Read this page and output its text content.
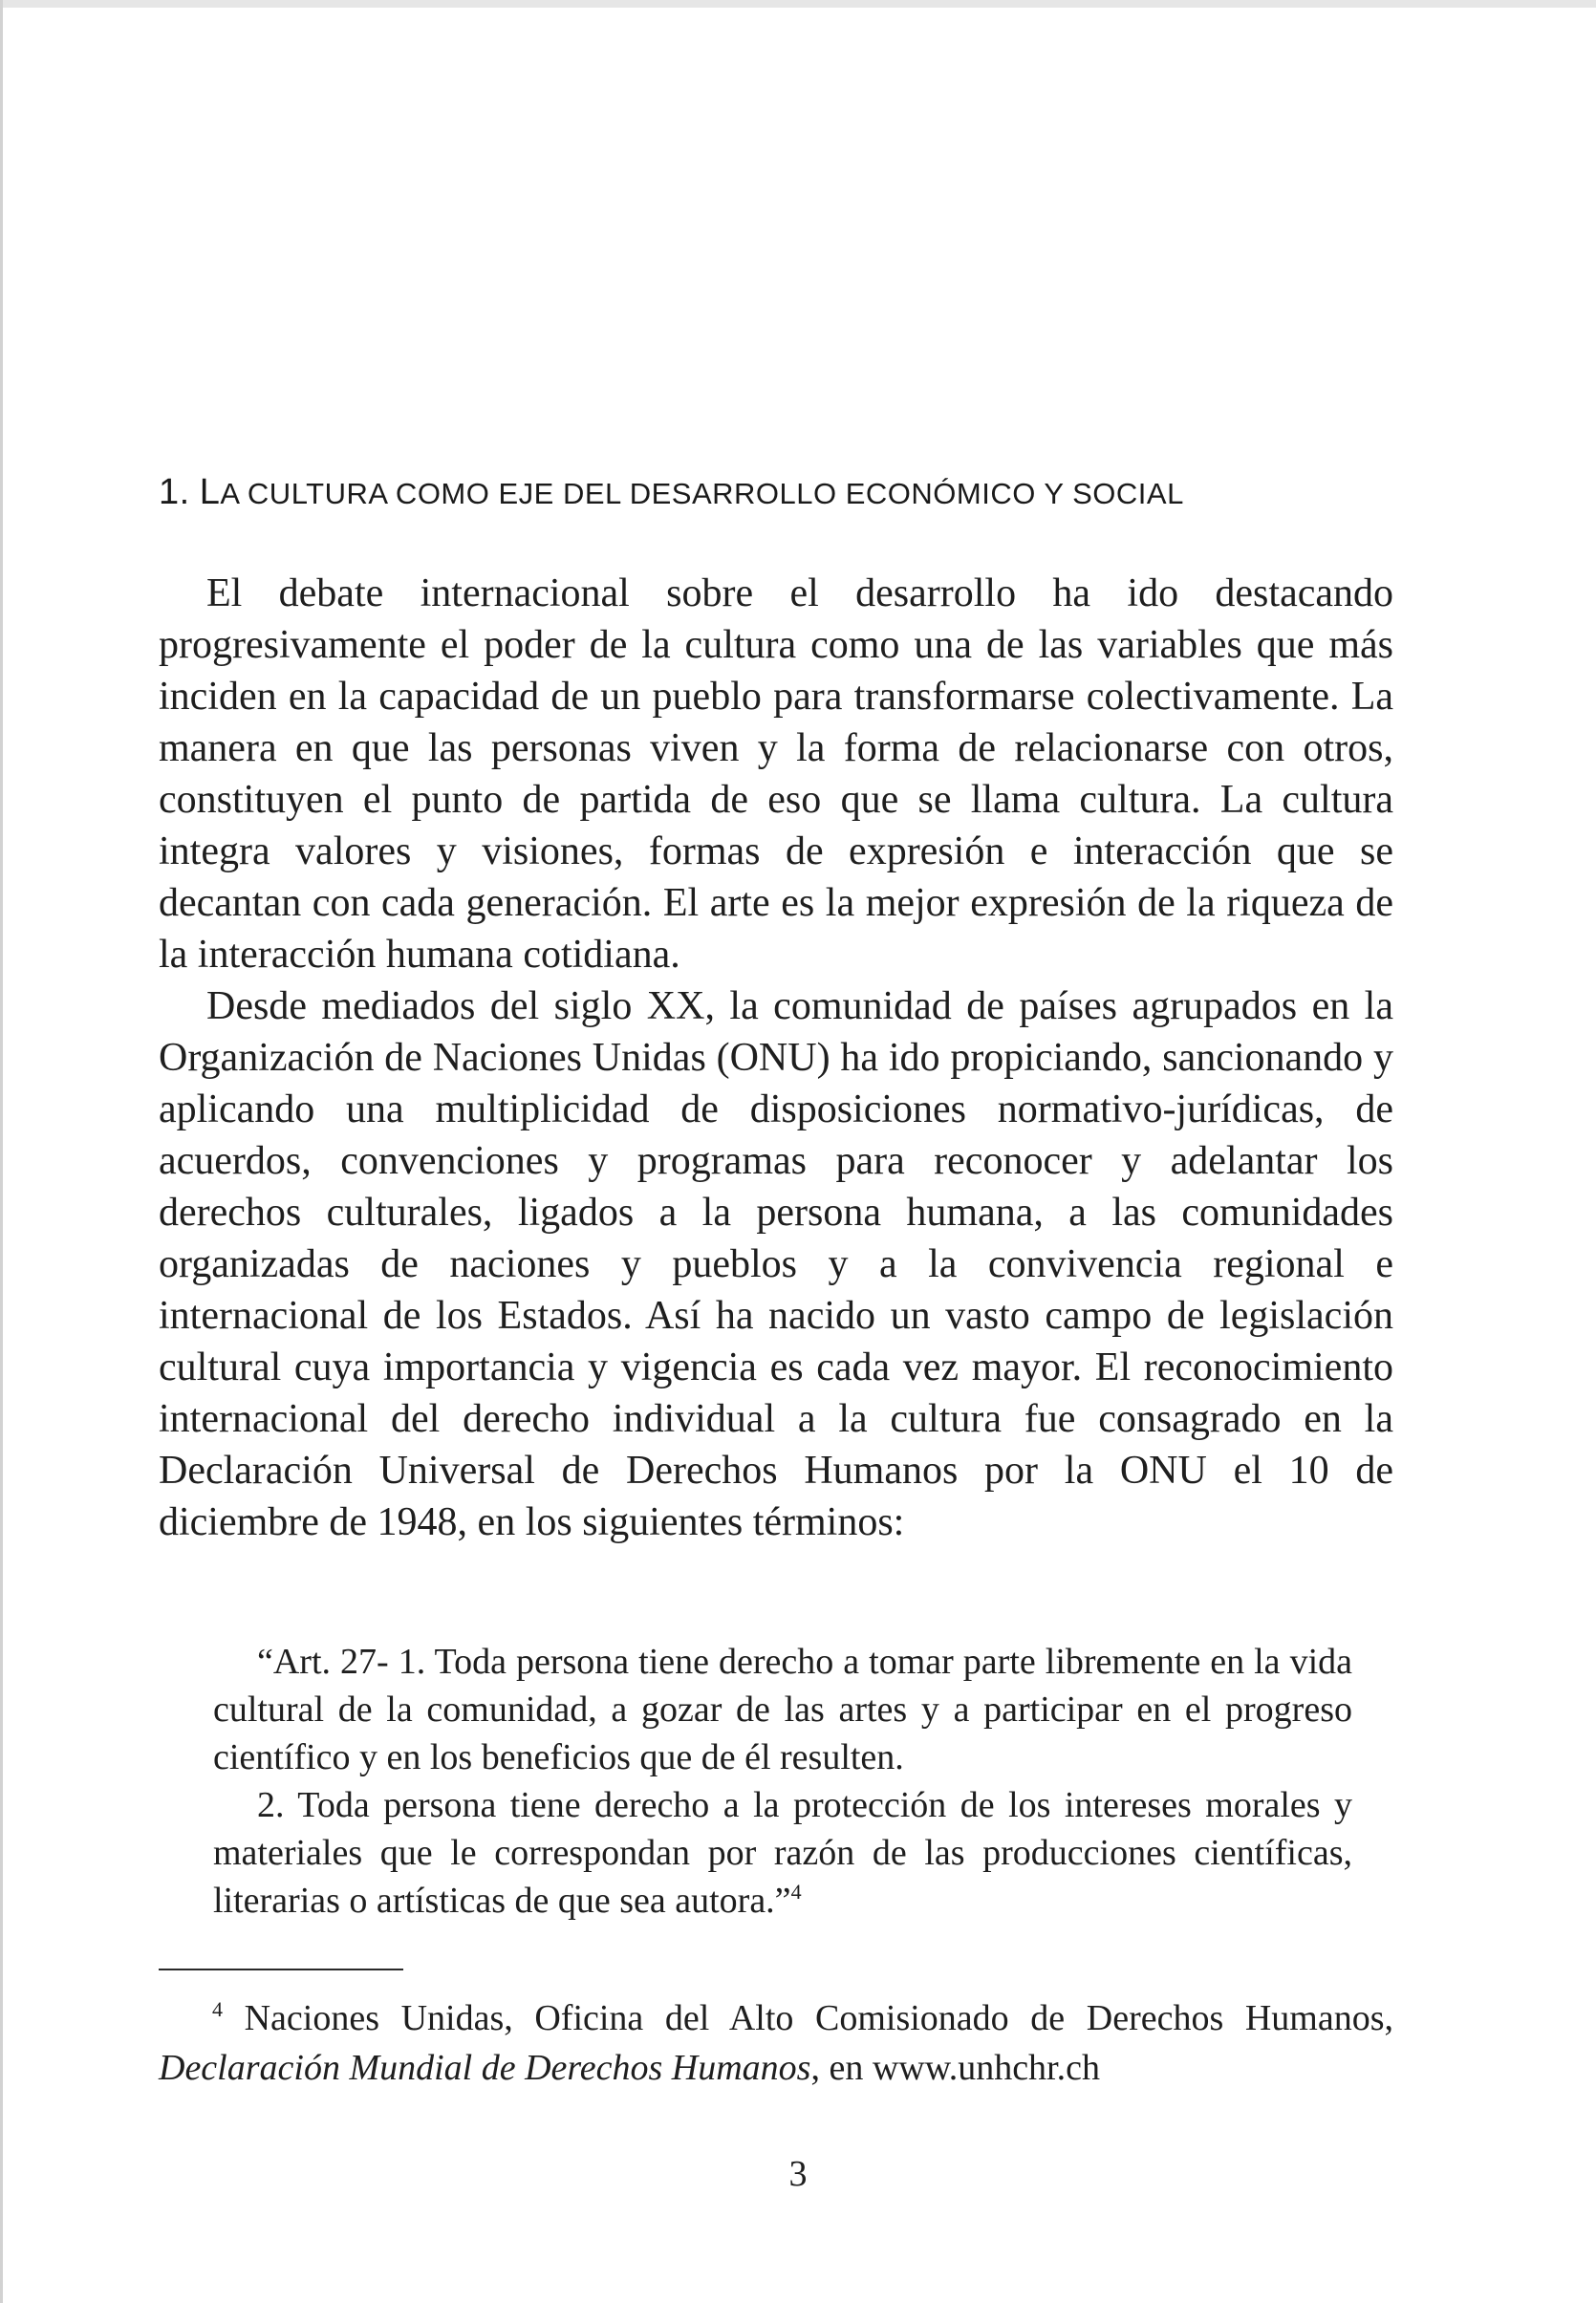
1. LA CULTURA COMO EJE DEL DESARROLLO ECONÓMICO Y SOCIAL

El debate internacional sobre el desarrollo ha ido destacando progresivamente el poder de la cultura como una de las variables que más inciden en la capacidad de un pueblo para transformarse colectivamente. La manera en que las personas viven y la forma de relacionarse con otros, constituyen el punto de partida de eso que se llama cultura. La cultura integra valores y visiones, formas de expresión e interacción que se decantan con cada generación. El arte es la mejor expresión de la riqueza de la interacción humana cotidiana.

Desde mediados del siglo XX, la comunidad de países agrupados en la Organización de Naciones Unidas (ONU) ha ido propiciando, sancionando y aplicando una multiplicidad de disposiciones normativo-jurídicas, de acuerdos, convenciones y programas para reconocer y adelantar los derechos culturales, ligados a la persona humana, a las comunidades organizadas de naciones y pueblos y a la convivencia regional e internacional de los Estados. Así ha nacido un vasto campo de legislación cultural cuya importancia y vigencia es cada vez mayor. El reconocimiento internacional del derecho individual a la cultura fue consagrado en la Declaración Universal de Derechos Humanos por la ONU el 10 de diciembre de 1948, en los siguientes términos:

“Art. 27- 1. Toda persona tiene derecho a tomar parte libremente en la vida cultural de la comunidad, a gozar de las artes y a participar en el progreso científico y en los beneficios que de él resulten.

2. Toda persona tiene derecho a la protección de los intereses morales y materiales que le correspondan por razón de las producciones científicas, literarias o artísticas de que sea autora.”$^4$

$^4$ Naciones Unidas, Oficina del Alto Comisionado de Derechos Humanos, Declaración Mundial de Derechos Humanos, en www.unhchr.ch

3
